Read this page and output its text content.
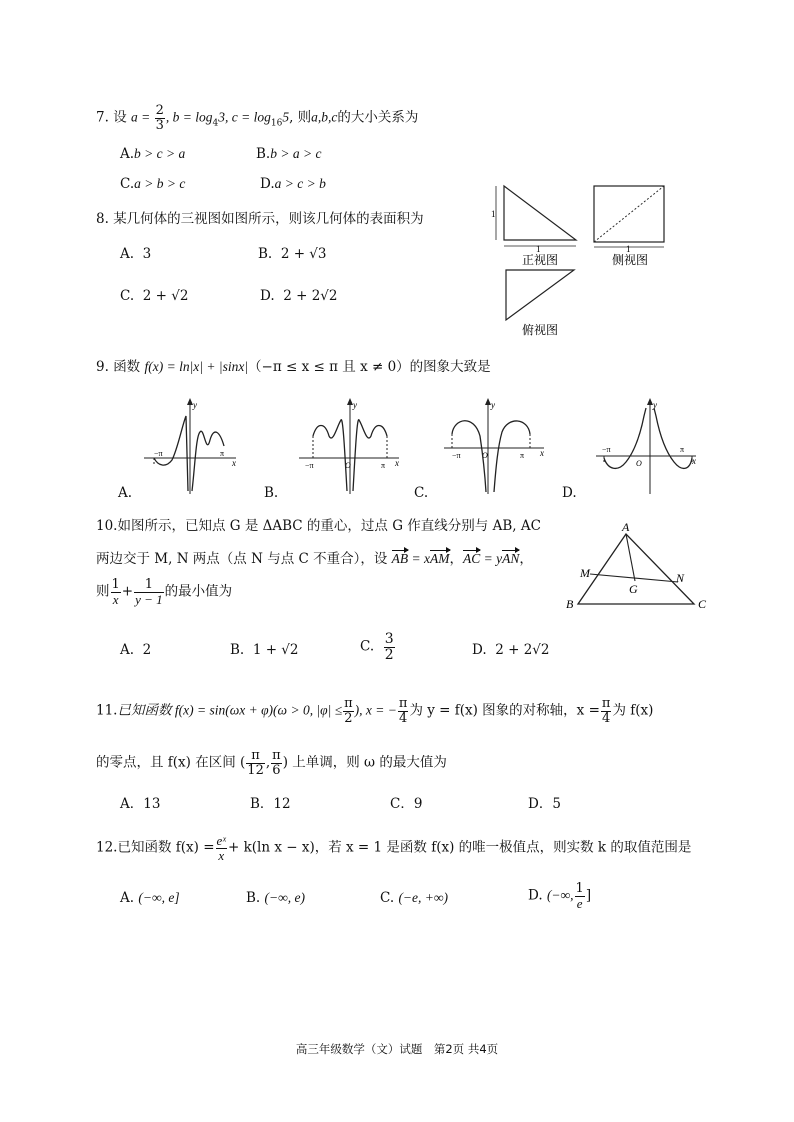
7. 设 $a = \frac{2}{3}$ , $b = \log_43$, $c = \log_{16}5$, 则a,b,c的大小关系为
A.b > c > a	B.b > a > c
C.a > b > c	D.a > c > b
8. 某几何体的三视图如图所示，则该几何体的表面积为
A. 3	B. 2 + √3
C. 2 + √2	D. 2 + 2√2
1
1
正视图
1
侧视图
俯视图
9. 函数 f(x) = ln|x| + |sinx|（−π ≤ x ≤ π 且 x ≠ 0）的图象大致是
y
x
−π	π
A.
y
x
−π	π
O
B.
y
x
−π	π
O
C.
y
x
−π	π
O
D.
10.如图所示，已知点 G 是 ΔABC 的重心，过点 G 作直线分别与 AB, AC
两边交于 M, N 两点（点 N 与点 C 不重合），设 AB = xAM，AC = yAN，
则 $\frac{1}{x} + \frac{1}{y - 1}$ 的最小值为
A. 2	B. 1 + √2	C. $\frac{3}{2}$	D. 2 + 2√2
A
B	C
M	N
G
11.已知函数 f(x) = sin(ωx + φ)(ω > 0, $|\varphi| \le \frac{\pi}{2}$ ), x = − $\frac{\pi}{4}$ 为 y = f(x) 图象的对称轴，$x = \frac{\pi}{4}$ 为 f(x)
的零点，且 f(x) 在区间 ( $\frac{\pi}{12}$ , $\frac{\pi}{6}$ ) 上单调，则 ω 的最大值为
A．13	B．12	C．9	D．5
12.已知函数 $f(x) = \frac{\text{eˣ}}{x} + k(\ln$ x − x)，若 x = 1 是函数 f(x) 的唯一极值点，则实数 k 的取值范围是
A. (−∞, e]	B. (−∞, e)	C. (−e, +∞)	D. (−∞, $\frac{1}{e}$ ]
高三年级数学（文）试题　第2页 共4页
